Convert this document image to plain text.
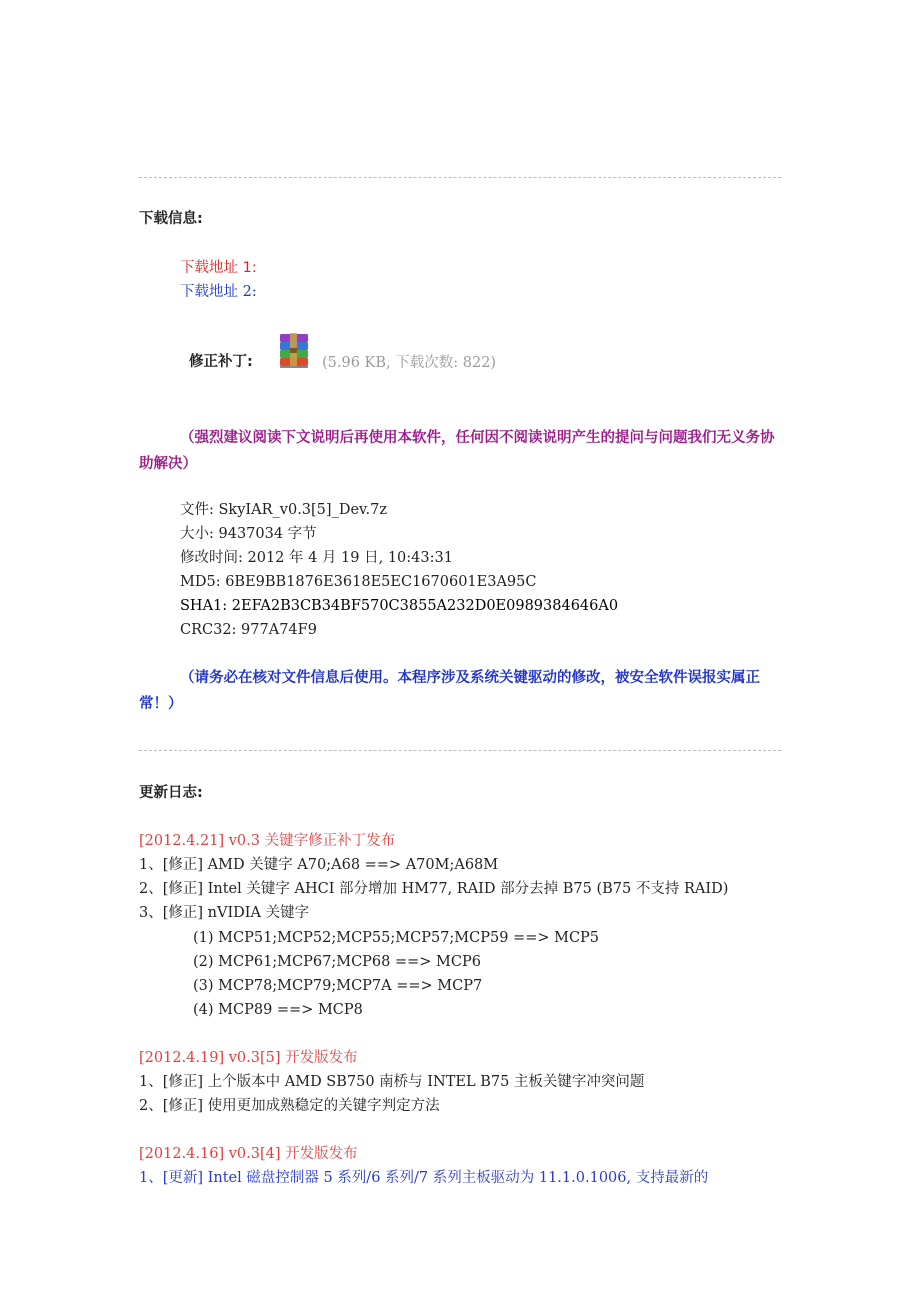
下载信息:
下载地址 1:
下载地址 2:
修正补丁:	(5.96 KB, 下载次数: 822)
（强烈建议阅读下文说明后再使用本软件，任何因不阅读说明产生的提问与问题我们无义务协助解决）
文件: SkyIAR_v0.3[5]_Dev.7z
大小: 9437034 字节
修改时间: 2012 年 4 月 19 日, 10:43:31
MD5: 6BE9BB1876E3618E5EC1670601E3A95C
SHA1: 2EFA2B3CB34BF570C3855A232D0E0989384646A0
CRC32: 977A74F9
（请务必在核对文件信息后使用。本程序涉及系统关键驱动的修改，被安全软件误报实属正常！）
更新日志:
[2012.4.21] v0.3 关键字修正补丁发布
1、[修正] AMD 关键字 A70;A68 ==> A70M;A68M
2、[修正] Intel 关键字 AHCI 部分增加 HM77, RAID 部分去掉 B75 (B75 不支持 RAID)
3、[修正] nVIDIA 关键字
(1) MCP51;MCP52;MCP55;MCP57;MCP59 ==> MCP5
(2) MCP61;MCP67;MCP68 ==> MCP6
(3) MCP78;MCP79;MCP7A ==> MCP7
(4) MCP89 ==> MCP8
[2012.4.19] v0.3[5] 开发版发布
1、[修正] 上个版本中 AMD SB750 南桥与 INTEL B75 主板关键字冲突问题
2、[修正] 使用更加成熟稳定的关键字判定方法
[2012.4.16] v0.3[4] 开发版发布
1、[更新] Intel 磁盘控制器 5 系列/6 系列/7 系列主板驱动为 11.1.0.1006, 支持最新的
